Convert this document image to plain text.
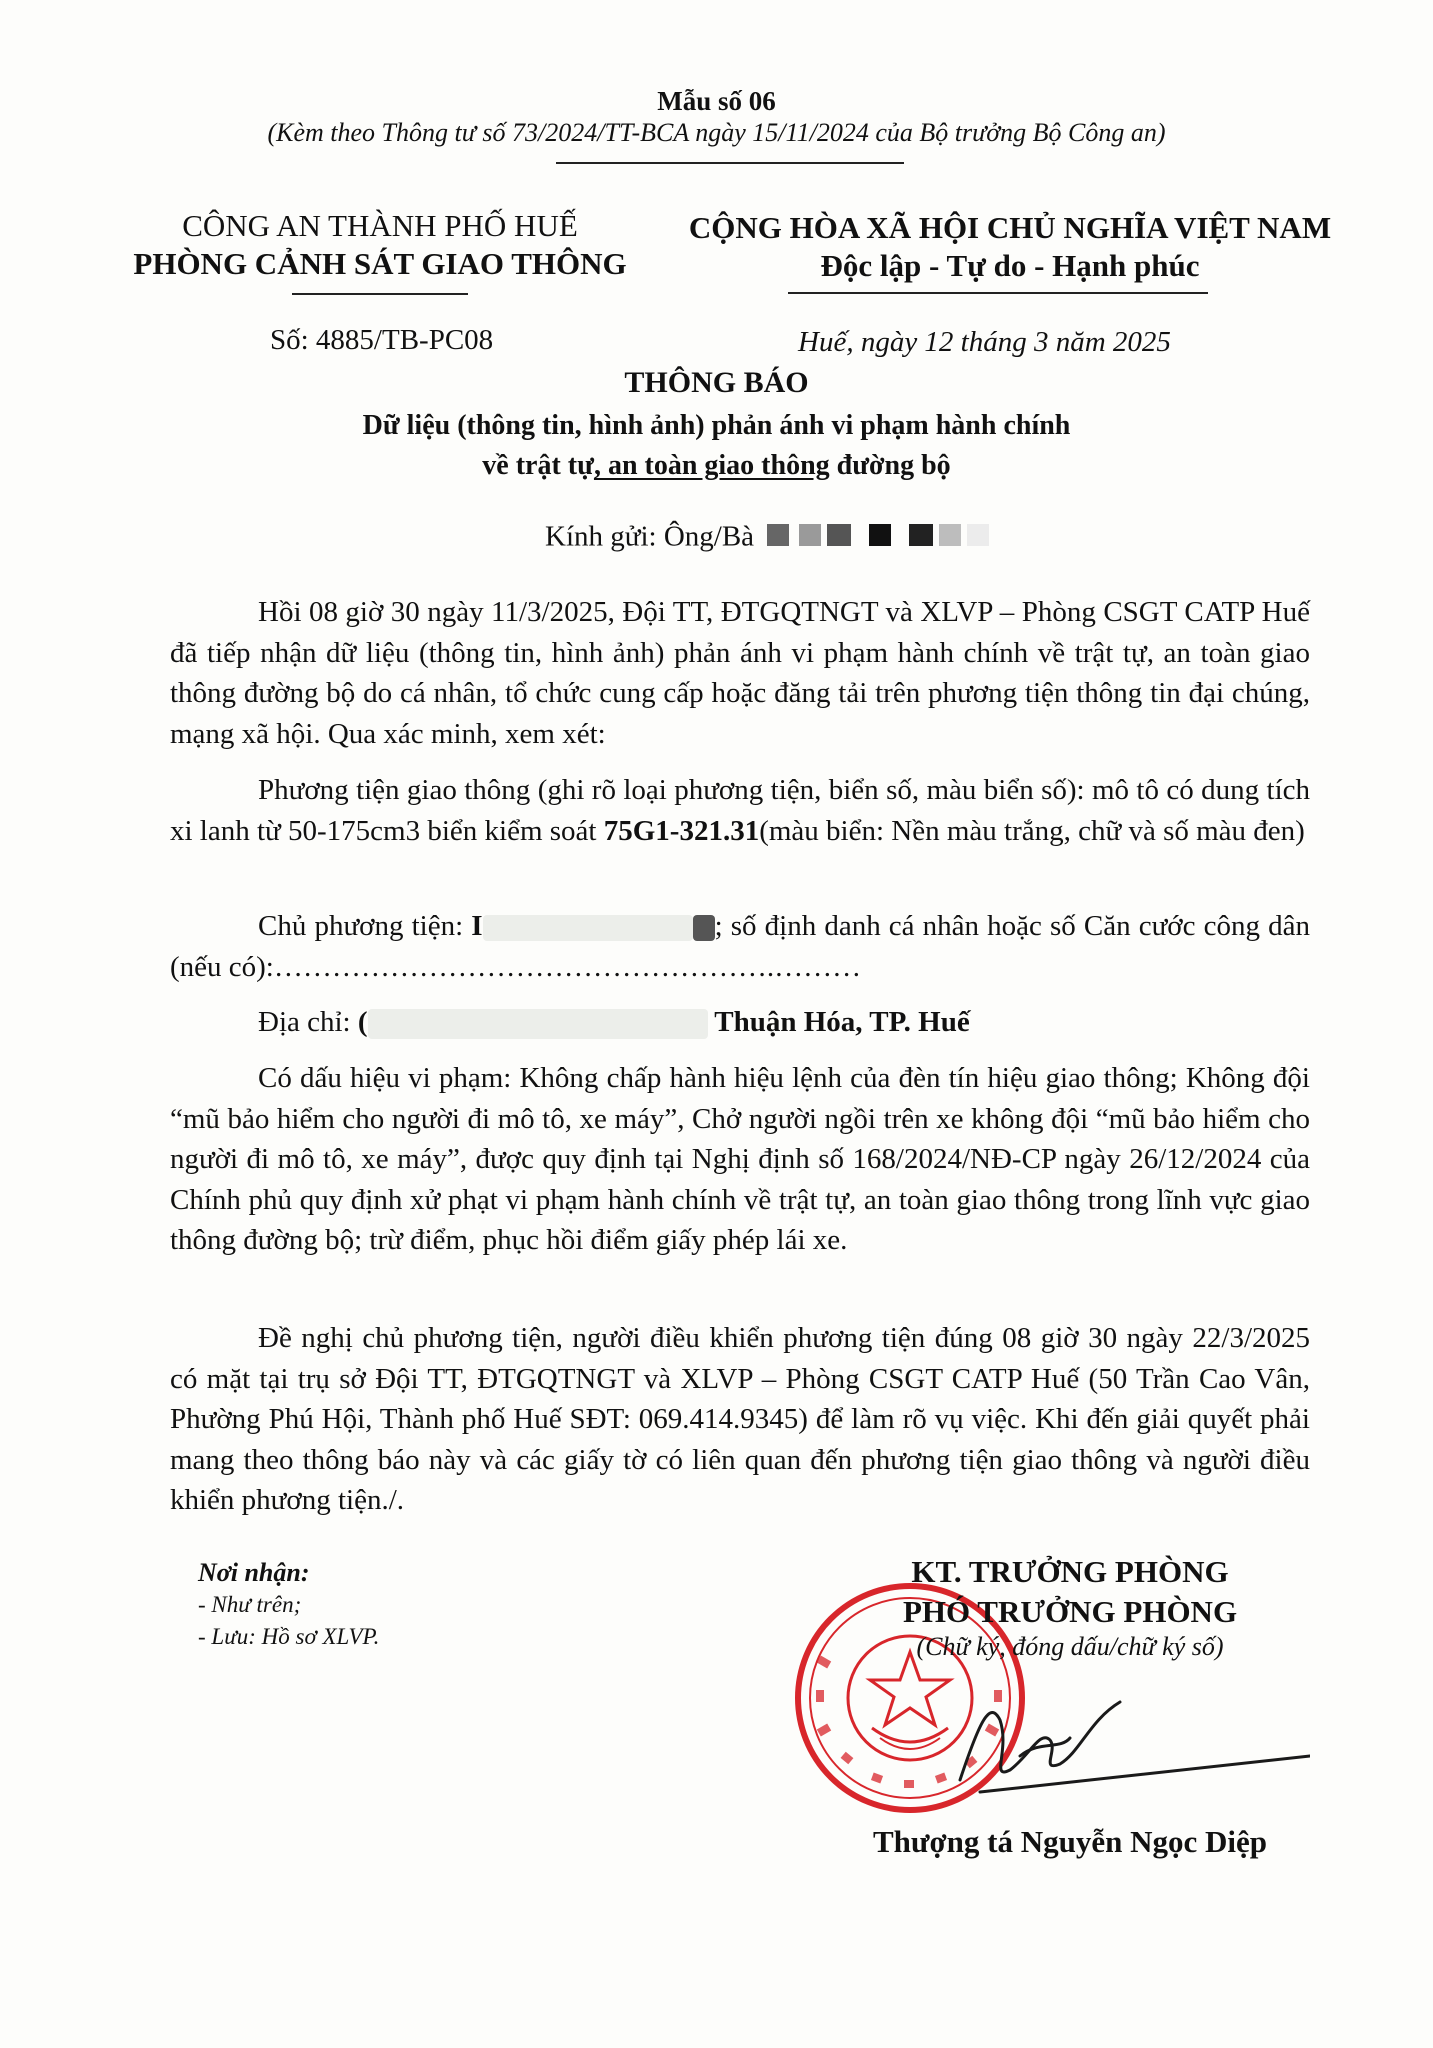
Mẫu số 06
(Kèm theo Thông tư số 73/2024/TT-BCA ngày 15/11/2024 của Bộ trưởng Bộ Công an)
CÔNG AN THÀNH PHỐ HUẾ
PHÒNG CẢNH SÁT GIAO THÔNG
CỘNG HÒA XÃ HỘI CHỦ NGHĨA VIỆT NAM
Độc lập - Tự do - Hạnh phúc
Số: 4885/TB-PC08	Huế, ngày 12 tháng 3 năm 2025
THÔNG BÁO
Dữ liệu (thông tin, hình ảnh) phản ánh vi phạm hành chính
về trật tự, an toàn giao thông đường bộ
Kính gửi: Ông/Bà
Hồi 08 giờ 30 ngày 11/3/2025, Đội TT, ĐTGQTNGT và XLVP – Phòng CSGT CATP Huế đã tiếp nhận dữ liệu (thông tin, hình ảnh) phản ánh vi phạm hành chính về trật tự, an toàn giao thông đường bộ do cá nhân, tổ chức cung cấp hoặc đăng tải trên phương tiện thông tin đại chúng, mạng xã hội. Qua xác minh, xem xét:
Phương tiện giao thông (ghi rõ loại phương tiện, biển số, màu biển số): mô tô có dung tích xi lanh từ 50-175cm3 biển kiểm soát 75G1-321.31(màu biển: Nền màu trắng, chữ và số màu đen)
Chủ phương tiện: I	; số định danh cá nhân hoặc số Căn cước công dân (nếu có):…………………………………………….………
Địa chỉ: (	Thuận Hóa, TP. Huế
Có dấu hiệu vi phạm: Không chấp hành hiệu lệnh của đèn tín hiệu giao thông; Không đội “mũ bảo hiểm cho người đi mô tô, xe máy”, Chở người ngồi trên xe không đội “mũ bảo hiểm cho người đi mô tô, xe máy”, được quy định tại Nghị định số 168/2024/NĐ-CP ngày 26/12/2024 của Chính phủ quy định xử phạt vi phạm hành chính về trật tự, an toàn giao thông trong lĩnh vực giao thông đường bộ; trừ điểm, phục hồi điểm giấy phép lái xe.
Đề nghị chủ phương tiện, người điều khiển phương tiện đúng 08 giờ 30 ngày 22/3/2025 có mặt tại trụ sở Đội TT, ĐTGQTNGT và XLVP – Phòng CSGT CATP Huế (50 Trần Cao Vân, Phường Phú Hội, Thành phố Huế SĐT: 069.414.9345) để làm rõ vụ việc. Khi đến giải quyết phải mang theo thông báo này và các giấy tờ có liên quan đến phương tiện giao thông và người điều khiển phương tiện./.
Nơi nhận:
- Như trên;
- Lưu: Hồ sơ XLVP.
KT. TRƯỞNG PHÒNG
PHÓ TRƯỞNG PHÒNG
(Chữ ký, đóng dấu/chữ ký số)
Thượng tá Nguyễn Ngọc Diệp
